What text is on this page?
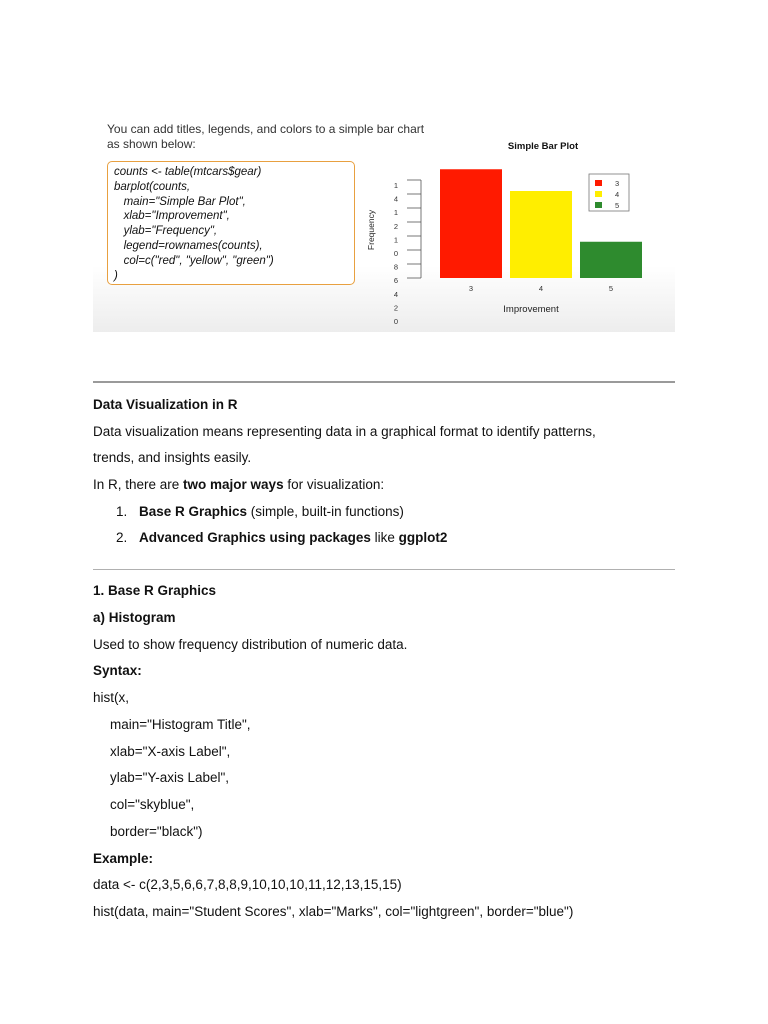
You can add titles, legends, and colors to a simple bar chart
as shown below:
counts <- table(mtcars$gear)
barplot(counts,
main="Simple Bar Plot",
xlab="Improvement",
ylab="Frequency",
legend=rownames(counts),
col=c("red", "yellow", "green")
)
Simple Bar Plot
1
4
1
2
1
0
8
6
4
2
0
Frequency
3	4	5
Improvement
3
4
5
Data Visualization in R
Data visualization means representing data in a graphical format to identify patterns,
trends, and insights easily.
In R, there are two major ways for visualization:
1. Base R Graphics (simple, built-in functions)
2. Advanced Graphics using packages like ggplot2
1. Base R Graphics
a) Histogram
Used to show frequency distribution of numeric data.
Syntax:
hist(x,
main="Histogram Title",
xlab="X-axis Label",
ylab="Y-axis Label",
col="skyblue",
border="black")
Example:
data <- c(2,3,5,6,6,7,8,8,9,10,10,10,11,12,13,15,15)
hist(data, main="Student Scores", xlab="Marks", col="lightgreen", border="blue")
